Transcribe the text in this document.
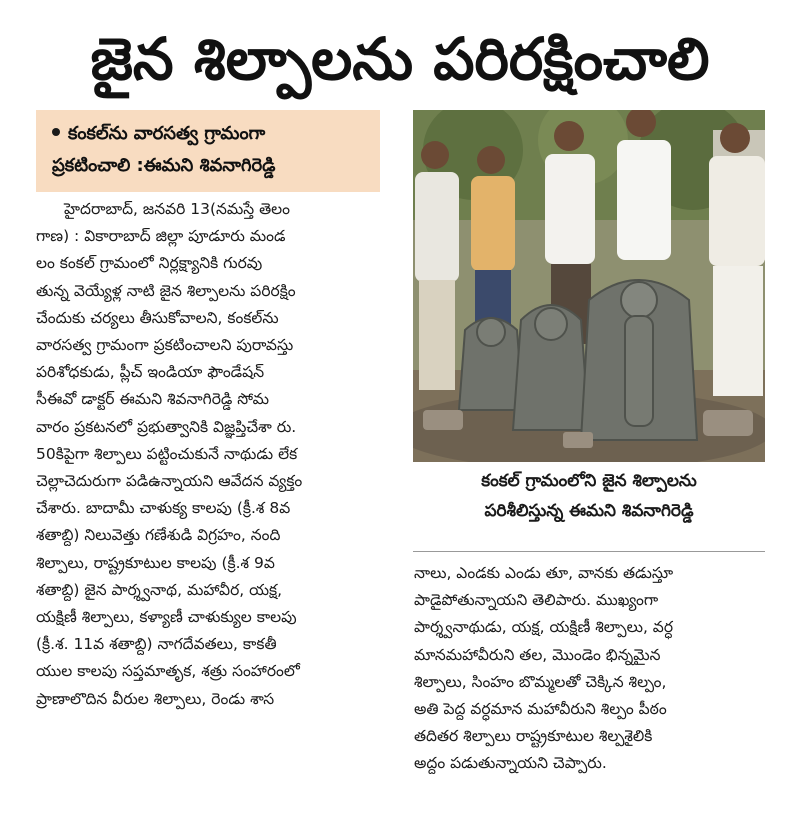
జైన శిల్పాలను పరిరక్షించాలి
కంకల్‌ను వారసత్వ గ్రామంగా
ప్రకటించాలి :ఈమని శివనాగిరెడ్డి
హైదరాబాద్, జనవరి 13(నమస్తే తెలం
గాణ) : వికారాబాద్ జిల్లా పూడూరు మండ
లం కంకల్ గ్రామంలో నిర్లక్ష్యానికి గురవు
తున్న వెయ్యేళ్ల నాటి జైన శిల్పాలను పరిరక్షిం
చేందుకు చర్యలు తీసుకోవాలని, కంకల్‌ను
వారసత్వ గ్రామంగా ప్రకటించాలని పురావస్తు
పరిశోధకుడు, ప్లీచ్ ఇండియా ఫౌండేషన్
సీఈవో డాక్టర్ ఈమని శివనాగిరెడ్డి సోమ
వారం ప్రకటనలో ప్రభుత్వానికి విజ్ఞప్తిచేశా రు.
50కిపైగా శిల్పాలు పట్టించుకునే నాథుడు లేక
చెల్లాచెదురుగా పడిఉన్నాయని ఆవేదన వ్యక్తం
చేశారు. బాదామీ చాళుక్య కాలపు (క్రీ.శ 8వ
శతాబ్ది) నిలువెత్తు గణేశుడి విగ్రహం, నంది
శిల్పాలు, రాష్ట్రకూటుల కాలపు (క్రీ.శ 9వ
శతాబ్ది) జైన పార్శ్వనాథ, మహావీర, యక్ష,
యక్షిణీ శిల్పాలు, కళ్యాణీ చాళుక్యుల కాలపు
(క్రీ.శ. 11వ శతాబ్ది) నాగదేవతలు, కాకతీ
యుల కాలపు సప్తమాతృక, శత్రు సంహారంలో
ప్రాణాలొదిన వీరుల శిల్పాలు, రెండు శాస
కంకల్ గ్రామంలోని జైన శిల్పాలను
పరిశీలిస్తున్న ఈమని శివనాగిరెడ్డి
నాలు, ఎండకు ఎండు తూ, వానకు తడుస్తూ
పాడైపోతున్నాయని తెలిపారు. ముఖ్యంగా
పార్శ్వనాథుడు, యక్ష, యక్షిణీ శిల్పాలు, వర్ధ
మానమహావీరుని తల, మొండెం భిన్నమైన
శిల్పాలు, సింహం బొమ్మలతో చెక్కిన శిల్పం,
అతి పెద్ద వర్ధమాన మహావీరుని శిల్పం పీఠం
తదితర శిల్పాలు రాష్ట్రకూటుల శిల్పశైలికి
అద్దం పడుతున్నాయని చెప్పారు.
